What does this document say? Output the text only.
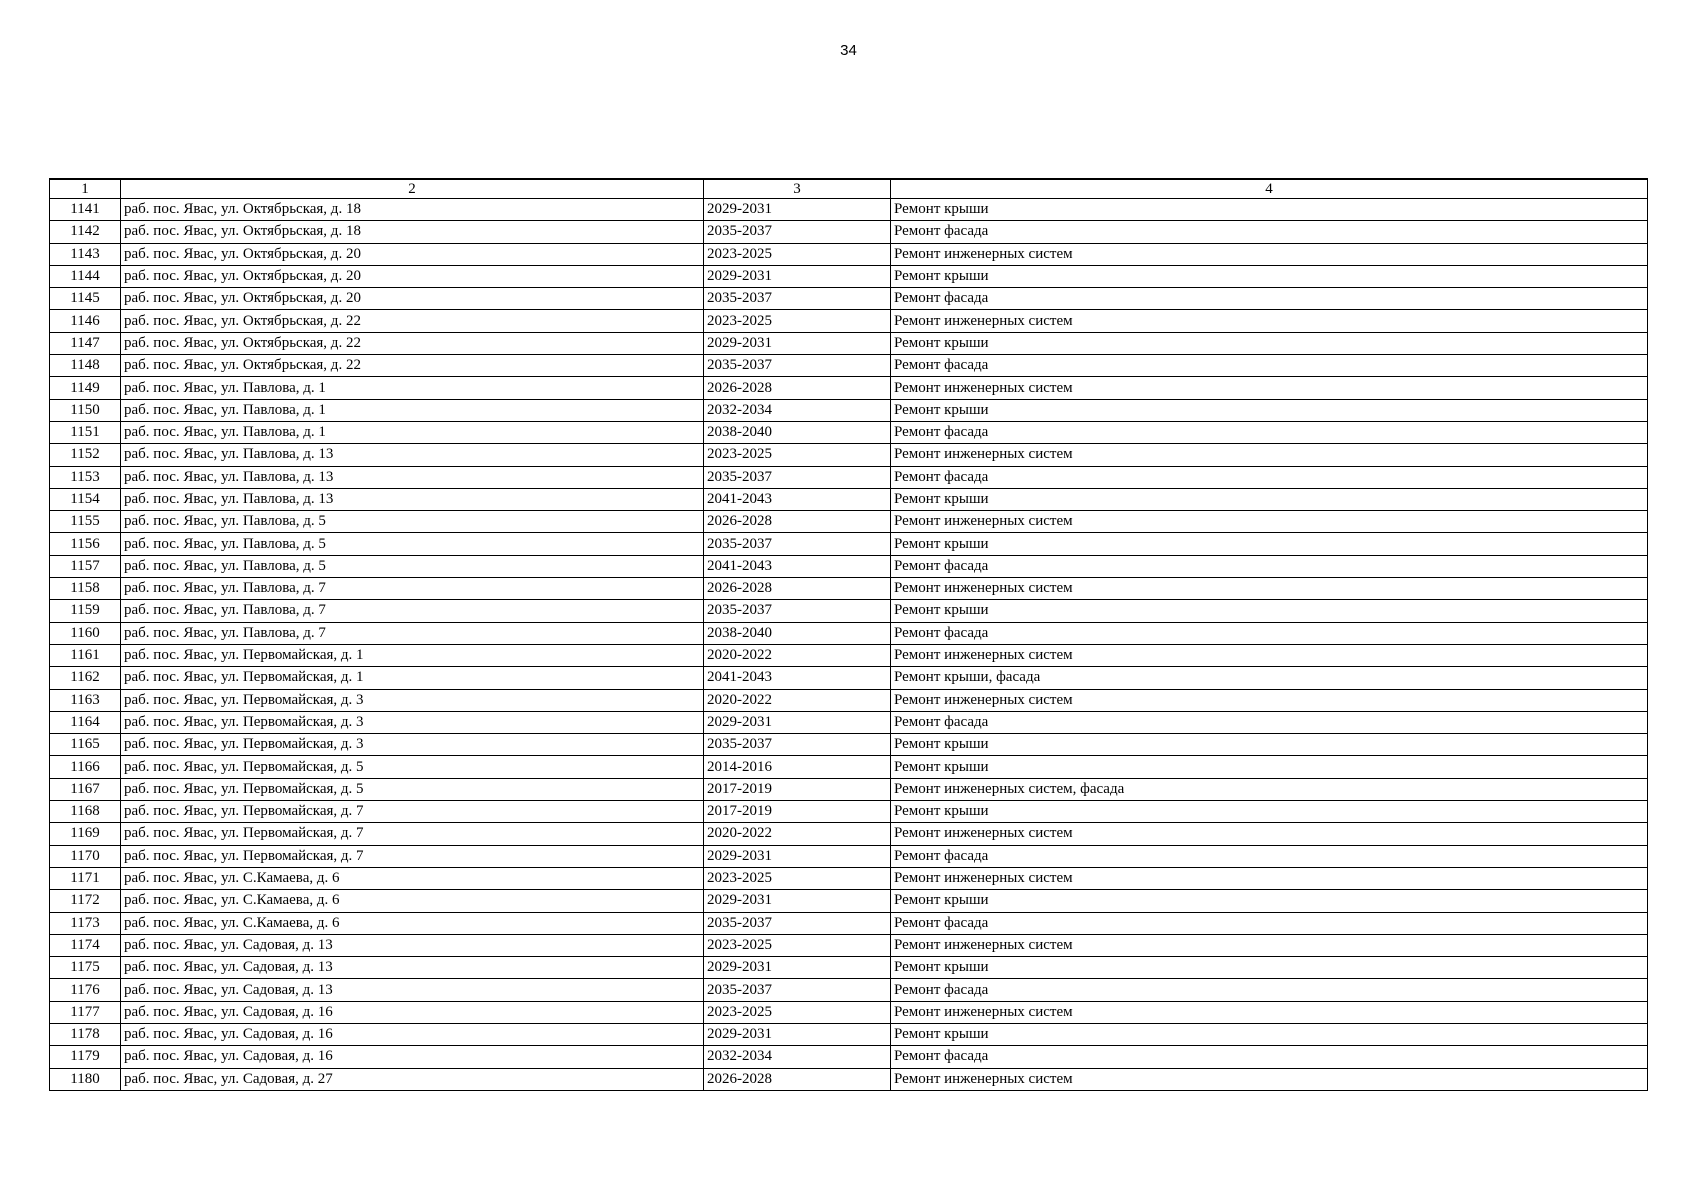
34
1	2	3	4
1141	раб. пос. Явас, ул. Октябрьская, д. 18	2029-2031	Ремонт крыши
1142	раб. пос. Явас, ул. Октябрьская, д. 18	2035-2037	Ремонт фасада
1143	раб. пос. Явас, ул. Октябрьская, д. 20	2023-2025	Ремонт инженерных систем
1144	раб. пос. Явас, ул. Октябрьская, д. 20	2029-2031	Ремонт крыши
1145	раб. пос. Явас, ул. Октябрьская, д. 20	2035-2037	Ремонт фасада
1146	раб. пос. Явас, ул. Октябрьская, д. 22	2023-2025	Ремонт инженерных систем
1147	раб. пос. Явас, ул. Октябрьская, д. 22	2029-2031	Ремонт крыши
1148	раб. пос. Явас, ул. Октябрьская, д. 22	2035-2037	Ремонт фасада
1149	раб. пос. Явас, ул. Павлова, д. 1	2026-2028	Ремонт инженерных систем
1150	раб. пос. Явас, ул. Павлова, д. 1	2032-2034	Ремонт крыши
1151	раб. пос. Явас, ул. Павлова, д. 1	2038-2040	Ремонт фасада
1152	раб. пос. Явас, ул. Павлова, д. 13	2023-2025	Ремонт инженерных систем
1153	раб. пос. Явас, ул. Павлова, д. 13	2035-2037	Ремонт фасада
1154	раб. пос. Явас, ул. Павлова, д. 13	2041-2043	Ремонт крыши
1155	раб. пос. Явас, ул. Павлова, д. 5	2026-2028	Ремонт инженерных систем
1156	раб. пос. Явас, ул. Павлова, д. 5	2035-2037	Ремонт крыши
1157	раб. пос. Явас, ул. Павлова, д. 5	2041-2043	Ремонт фасада
1158	раб. пос. Явас, ул. Павлова, д. 7	2026-2028	Ремонт инженерных систем
1159	раб. пос. Явас, ул. Павлова, д. 7	2035-2037	Ремонт крыши
1160	раб. пос. Явас, ул. Павлова, д. 7	2038-2040	Ремонт фасада
1161	раб. пос. Явас, ул. Первомайская, д. 1	2020-2022	Ремонт инженерных систем
1162	раб. пос. Явас, ул. Первомайская, д. 1	2041-2043	Ремонт крыши, фасада
1163	раб. пос. Явас, ул. Первомайская, д. 3	2020-2022	Ремонт инженерных систем
1164	раб. пос. Явас, ул. Первомайская, д. 3	2029-2031	Ремонт фасада
1165	раб. пос. Явас, ул. Первомайская, д. 3	2035-2037	Ремонт крыши
1166	раб. пос. Явас, ул. Первомайская, д. 5	2014-2016	Ремонт крыши
1167	раб. пос. Явас, ул. Первомайская, д. 5	2017-2019	Ремонт инженерных систем, фасада
1168	раб. пос. Явас, ул. Первомайская, д. 7	2017-2019	Ремонт крыши
1169	раб. пос. Явас, ул. Первомайская, д. 7	2020-2022	Ремонт инженерных систем
1170	раб. пос. Явас, ул. Первомайская, д. 7	2029-2031	Ремонт фасада
1171	раб. пос. Явас, ул. С.Камаева, д. 6	2023-2025	Ремонт инженерных систем
1172	раб. пос. Явас, ул. С.Камаева, д. 6	2029-2031	Ремонт крыши
1173	раб. пос. Явас, ул. С.Камаева, д. 6	2035-2037	Ремонт фасада
1174	раб. пос. Явас, ул. Садовая, д. 13	2023-2025	Ремонт инженерных систем
1175	раб. пос. Явас, ул. Садовая, д. 13	2029-2031	Ремонт крыши
1176	раб. пос. Явас, ул. Садовая, д. 13	2035-2037	Ремонт фасада
1177	раб. пос. Явас, ул. Садовая, д. 16	2023-2025	Ремонт инженерных систем
1178	раб. пос. Явас, ул. Садовая, д. 16	2029-2031	Ремонт крыши
1179	раб. пос. Явас, ул. Садовая, д. 16	2032-2034	Ремонт фасада
1180	раб. пос. Явас, ул. Садовая, д. 27	2026-2028	Ремонт инженерных систем
